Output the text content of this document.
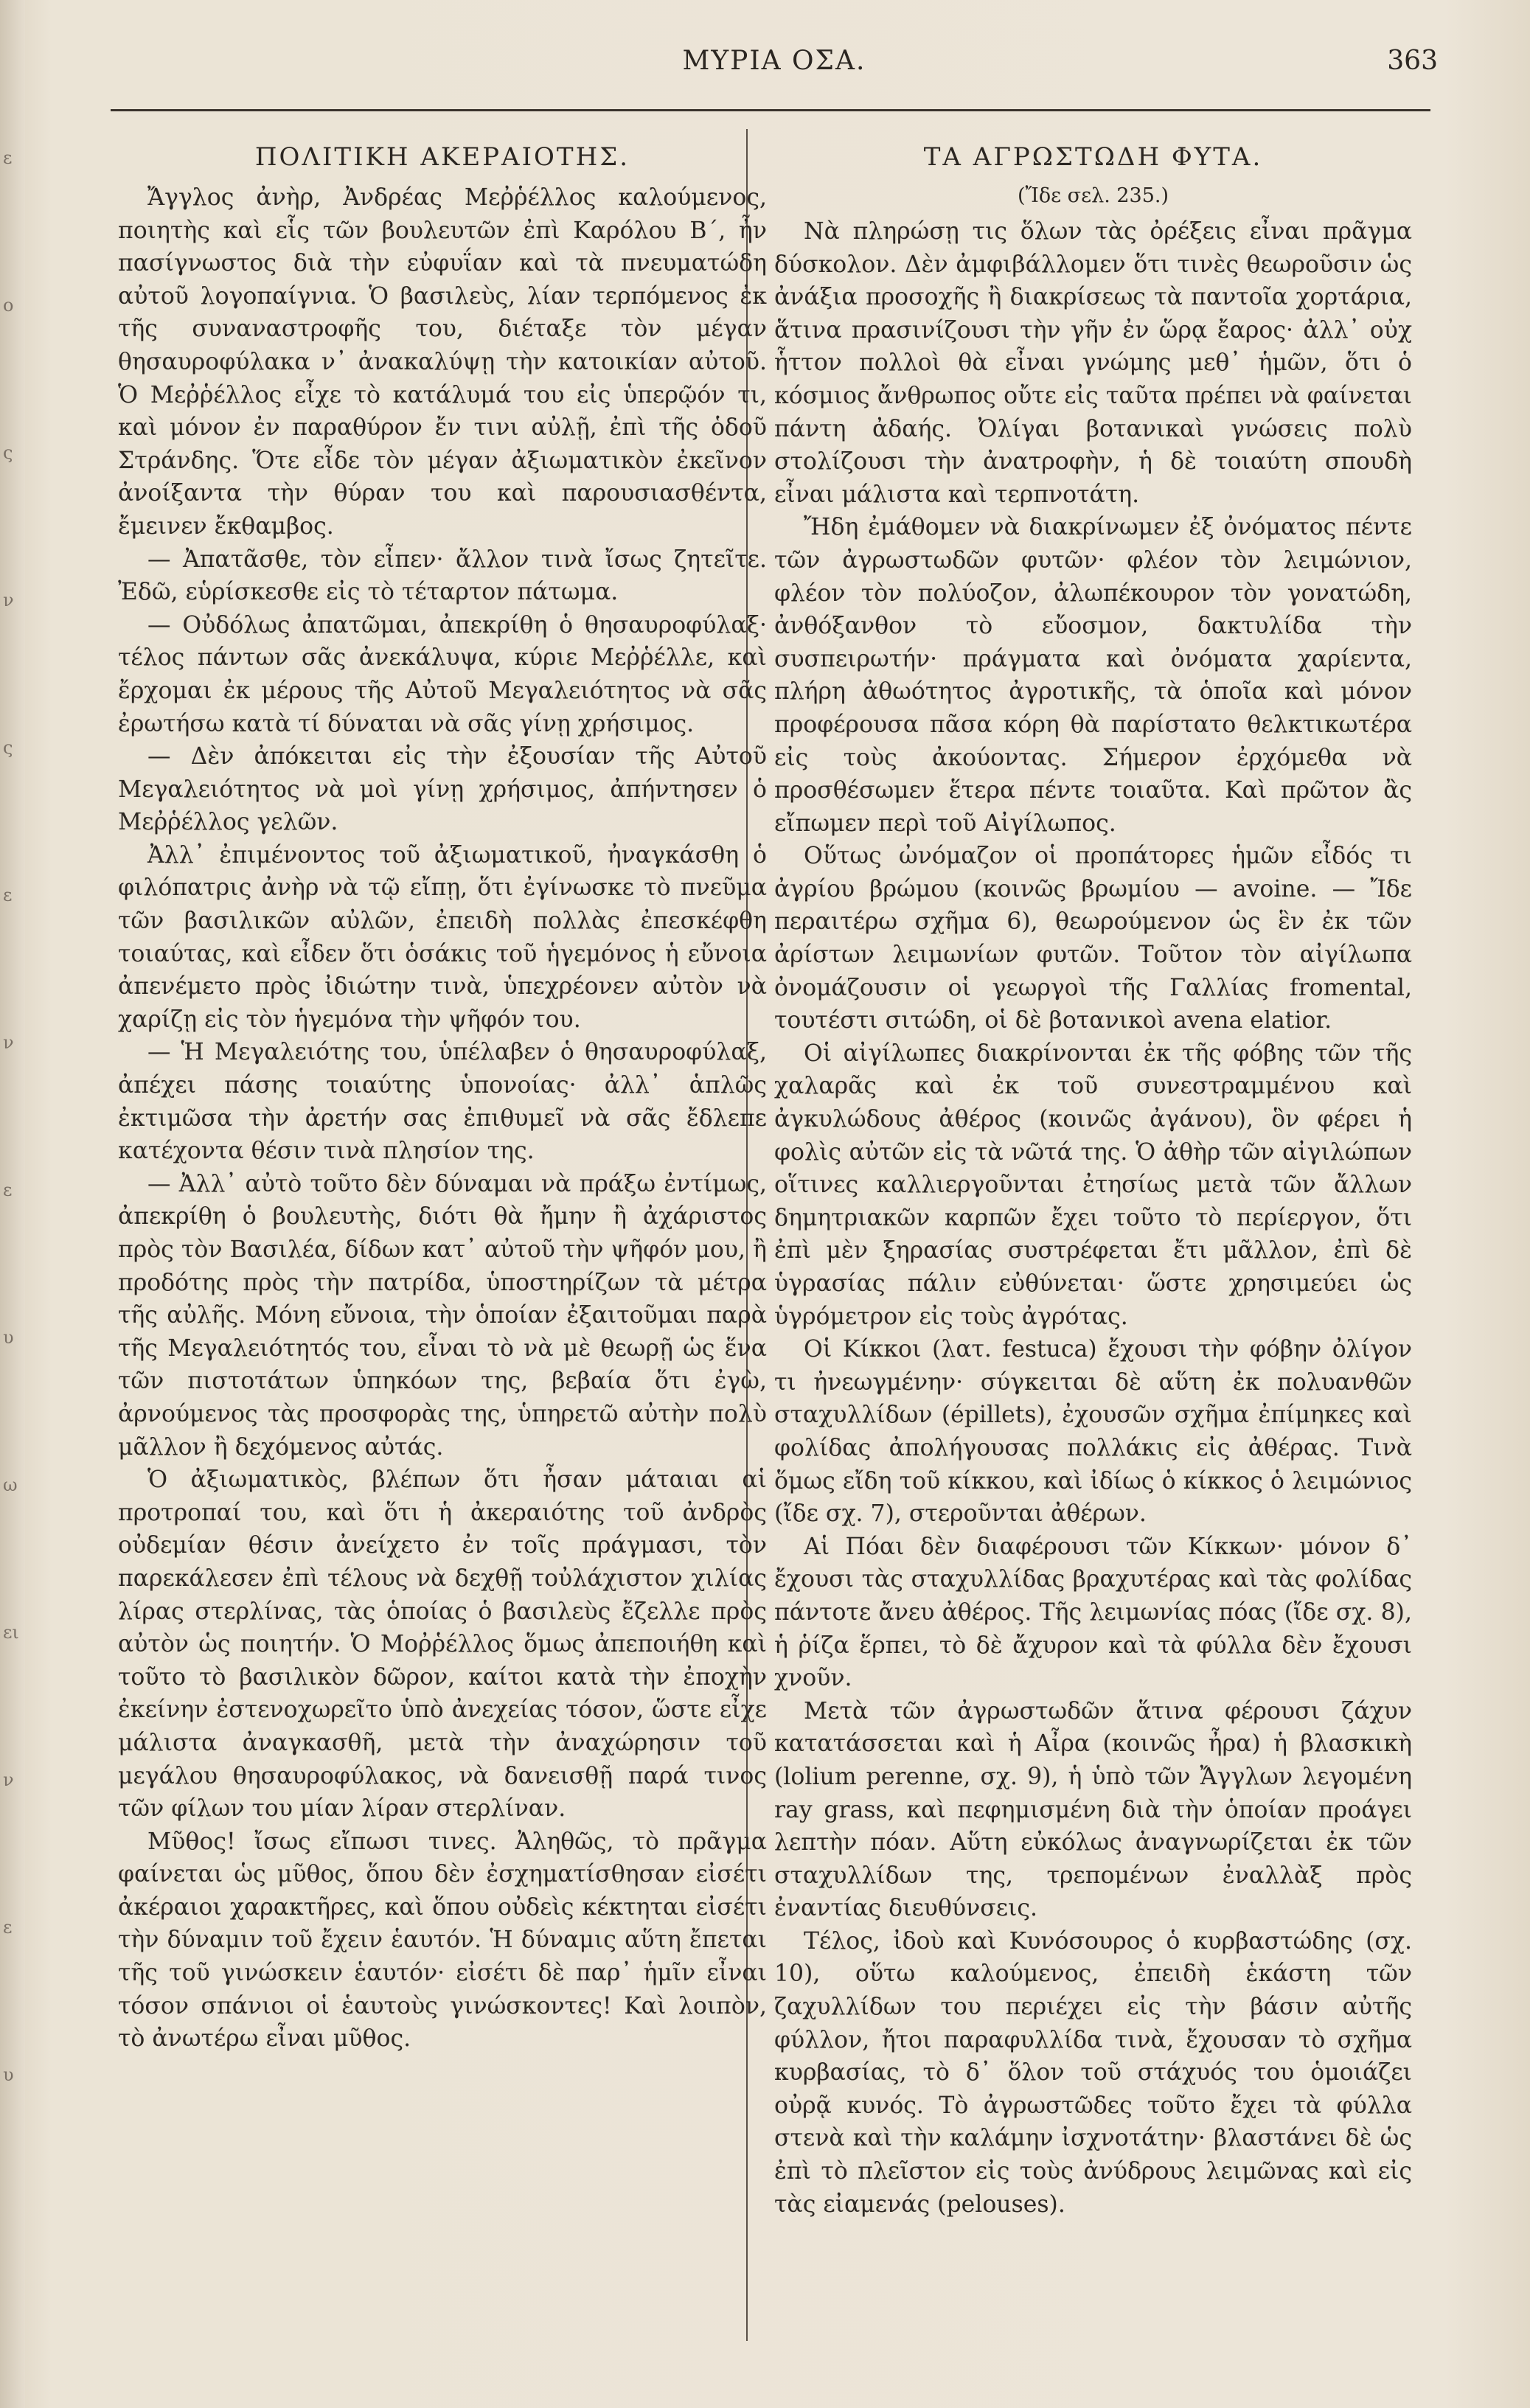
ε
ο
ς
ν
ς
ε
ν
ε
υ
ω
ει
ν
ε
υ
ΜΥΡΙΑ ΟΣΑ.	363
ΠΟΛΙΤΙΚΗ ΑΚΕΡΑΙΟΤΗΣ.

Ἄγγλος ἀνὴρ, Ἀνδρέας Μεῤῥέλλος καλούμενος, ποιητὴς καὶ εἷς τῶν βουλευτῶν ἐπὶ Καρόλου Β΄, ἦν πασίγνωστος διὰ τὴν εὐφυΐαν καὶ τὰ πνευματώδη αὐτοῦ λογοπαίγνια. Ὁ βασιλεὺς, λίαν τερπόμενος ἐκ τῆς συναναστροφῆς του, διέταξε τὸν μέγαν θησαυροφύλακα ν᾿ ἀνακαλύψῃ τὴν κατοικίαν αὐτοῦ. Ὁ Μεῤῥέλλος εἶχε τὸ κατάλυμά του εἰς ὑπερῷόν τι, καὶ μόνον ἐν παραθύρον ἔν τινι αὐλῇ, ἐπὶ τῆς ὁδοῦ Στράνδης. Ὅτε εἶδε τὸν μέγαν ἀξιωματικὸν ἐκεῖνον ἀνοίξαντα τὴν θύραν του καὶ παρουσιασθέντα, ἔμεινεν ἔκθαμβος.

— Ἀπατᾶσθε, τὸν εἶπεν· ἄλλον τινὰ ἴσως ζητεῖτε. Ἐδῶ, εὑρίσκεσθε εἰς τὸ τέταρτον πάτωμα.

— Οὐδόλως ἀπατῶμαι, ἀπεκρίθη ὁ θησαυροφύλαξ· τέλος πάντων σᾶς ἀνεκάλυψα, κύριε Μεῤῥέλλε, καὶ ἔρχομαι ἐκ μέρους τῆς Αὐτοῦ Μεγαλειότητος νὰ σᾶς ἐρωτήσω κατὰ τί δύναται νὰ σᾶς γίνῃ χρήσιμος.

— Δὲν ἀπόκειται εἰς τὴν ἐξουσίαν τῆς Αὐτοῦ Μεγαλειότητος νὰ μοὶ γίνῃ χρήσιμος, ἀπήντησεν ὁ Μεῤῥέλλος γελῶν.

Ἀλλ᾿ ἐπιμένοντος τοῦ ἀξιωματικοῦ, ἠναγκάσθη ὁ φιλόπατρις ἀνὴρ νὰ τῷ εἴπῃ, ὅτι ἐγίνωσκε τὸ πνεῦμα τῶν βασιλικῶν αὐλῶν, ἐπειδὴ πολλὰς ἐπεσκέφθη τοιαύτας, καὶ εἶδεν ὅτι ὁσάκις τοῦ ἡγεμόνος ἡ εὔνοια ἀπενέμετο πρὸς ἰδιώτην τινὰ, ὑπεχρέονεν αὐτὸν νὰ χαρίζῃ εἰς τὸν ἡγεμόνα τὴν ψῆφόν του.

— Ἡ Μεγαλειότης του, ὑπέλαβεν ὁ θησαυροφύλαξ, ἀπέχει πάσης τοιαύτης ὑπονοίας· ἀλλ᾿ ἁπλῶς ἐκτιμῶσα τὴν ἀρετήν σας ἐπιθυμεῖ νὰ σᾶς ἔδλεπε κατέχοντα θέσιν τινὰ πλησίον της.

— Ἀλλ᾿ αὐτὸ τοῦτο δὲν δύναμαι νὰ πράξω ἐντίμως, ἀπεκρίθη ὁ βουλευτὴς, διότι θὰ ἤμην ἢ ἀχάριστος πρὸς τὸν Βασιλέα, δίδων κατ᾿ αὐτοῦ τὴν ψῆφόν μου, ἢ προδότης πρὸς τὴν πατρίδα, ὑποστηρίζων τὰ μέτρα τῆς αὐλῆς. Μόνη εὔνοια, τὴν ὁποίαν ἐξαιτοῦμαι παρὰ τῆς Μεγαλειότητός του, εἶναι τὸ νὰ μὲ θεωρῇ ὡς ἕνα τῶν πιστοτάτων ὑπηκόων της, βεβαία ὅτι ἐγὼ, ἀρνούμενος τὰς προσφορὰς της, ὑπηρετῶ αὐτὴν πολὺ μᾶλλον ἢ δεχόμενος αὐτάς.

Ὁ ἀξιωματικὸς, βλέπων ὅτι ἦσαν μάταιαι αἱ προτροπαί του, καὶ ὅτι ἡ ἀκεραιότης τοῦ ἀνδρὸς οὐδεμίαν θέσιν ἀνείχετο ἐν τοῖς πράγμασι, τὸν παρεκάλεσεν ἐπὶ τέλους νὰ δεχθῇ τοὐλάχιστον χιλίας λίρας στερλίνας, τὰς ὁποίας ὁ βασιλεὺς ἔζελλε πρὸς αὐτὸν ὡς ποιητήν. Ὁ Μοῤῥέλλος ὅμως ἀπεποιήθη καὶ τοῦτο τὸ βασιλικὸν δῶρον, καίτοι κατὰ τὴν ἐποχὴν ἐκείνην ἐστενοχωρεῖτο ὑπὸ ἀνεχείας τόσον, ὥστε εἶχε μάλιστα ἀναγκασθῆ, μετὰ τὴν ἀναχώρησιν τοῦ μεγάλου θησαυροφύλακος, νὰ δανεισθῇ παρά τινος τῶν φίλων του μίαν λίραν στερλίναν.

Μῦθος! ἴσως εἴπωσι τινες. Ἀληθῶς, τὸ πρᾶγμα φαίνεται ὡς μῦθος, ὅπου δὲν ἐσχηματίσθησαν εἰσέτι ἀκέραιοι χαρακτῆρες, καὶ ὅπου οὐδεὶς κέκτηται εἰσέτι τὴν δύναμιν τοῦ ἔχειν ἑαυτόν. Ἡ δύναμις αὕτη ἔπεται τῆς τοῦ γινώσκειν ἑαυτόν· εἰσέτι δὲ παρ᾿ ἡμῖν εἶναι τόσον σπάνιοι οἱ ἑαυτοὺς γινώσκοντες! Καὶ λοιπὸν, τὸ ἀνωτέρω εἶναι μῦθος.

ΤΑ ΑΓΡΩΣΤΩΔΗ ΦΥΤΑ.
(Ἴδε σελ. 235.)

Νὰ πληρώσῃ τις ὅλων τὰς ὀρέξεις εἶναι πρᾶγμα δύσκολον. Δὲν ἀμφιβάλλομεν ὅτι τινὲς θεωροῦσιν ὡς ἀνάξια προσοχῆς ἢ διακρίσεως τὰ παντοῖα χορτάρια, ἅτινα πρασινίζουσι τὴν γῆν ἐν ὥρᾳ ἔαρος· ἀλλ᾿ οὐχ ἧττον πολλοὶ θὰ εἶναι γνώμης μεθ᾿ ἡμῶν, ὅτι ὁ κόσμιος ἄνθρωπος οὔτε εἰς ταῦτα πρέπει νὰ φαίνεται πάντη ἀδαής. Ὀλίγαι βοτανικαὶ γνώσεις πολὺ στολίζουσι τὴν ἀνατροφὴν, ἡ δὲ τοιαύτη σπουδὴ εἶναι μάλιστα καὶ τερπνοτάτη.

Ἤδη ἐμάθομεν νὰ διακρίνωμεν ἐξ ὀνόματος πέντε τῶν ἀγρωστωδῶν φυτῶν· φλέον τὸν λειμώνιον, φλέον τὸν πολύοζον, ἀλωπέκουρον τὸν γονατώδη, ἀνθόξανθον τὸ εὔοσμον, δακτυλίδα τὴν συσπειρωτήν· πράγματα καὶ ὀνόματα χαρίεντα, πλήρη ἀθωότητος ἀγροτικῆς, τὰ ὁποῖα καὶ μόνον προφέρουσα πᾶσα κόρη θὰ παρίστατο θελκτικωτέρα εἰς τοὺς ἀκούοντας. Σήμερον ἐρχόμεθα νὰ προσθέσωμεν ἕτερα πέντε τοιαῦτα. Καὶ πρῶτον ἂς εἴπωμεν περὶ τοῦ Αἰγίλωπος.

Οὕτως ὠνόμαζον οἱ προπάτορες ἡμῶν εἶδός τι ἀγρίου βρώμου (κοινῶς βρωμίου — avoine. — Ἴδε περαιτέρω σχῆμα 6), θεωρούμενον ὡς ἓν ἐκ τῶν ἀρίστων λειμωνίων φυτῶν. Τοῦτον τὸν αἰγίλωπα ὀνομάζουσιν οἱ γεωργοὶ τῆς Γαλλίας fromental, τουτέστι σιτώδη, οἱ δὲ βοτανικοὶ avena elatior.

Οἱ αἰγίλωπες διακρίνονται ἐκ τῆς φόβης τῶν τῆς χαλαρᾶς καὶ ἐκ τοῦ συνεστραμμένου καὶ ἀγκυλώδους ἀθέρος (κοινῶς ἀγάνου), ὃν φέρει ἡ φολὶς αὐτῶν εἰς τὰ νῶτά της. Ὁ ἀθὴρ τῶν αἰγιλώπων οἵτινες καλλιεργοῦνται ἐτησίως μετὰ τῶν ἄλλων δημητριακῶν καρπῶν ἔχει τοῦτο τὸ περίεργον, ὅτι ἐπὶ μὲν ξηρασίας συστρέφεται ἔτι μᾶλλον, ἐπὶ δὲ ὑγρασίας πάλιν εὐθύνεται· ὥστε χρησιμεύει ὡς ὑγρόμετρον εἰς τοὺς ἀγρότας.

Οἱ Κίκκοι (λατ. festuca) ἔχουσι τὴν φόβην ὀλίγον τι ἠνεωγμένην· σύγκειται δὲ αὕτη ἐκ πολυανθῶν σταχυλλίδων (épillets), ἐχουσῶν σχῆμα ἐπίμηκες καὶ φολίδας ἀπολήγουσας πολλάκις εἰς ἀθέρας. Τινὰ ὅμως εἴδη τοῦ κίκκου, καὶ ἰδίως ὁ κίκκος ὁ λειμώνιος (ἴδε σχ. 7), στεροῦνται ἀθέρων.

Αἱ Πόαι δὲν διαφέρουσι τῶν Κίκκων· μόνον δ᾿ ἔχουσι τὰς σταχυλλίδας βραχυτέρας καὶ τὰς φολίδας πάντοτε ἄνευ ἀθέρος. Τῆς λειμωνίας πόας (ἴδε σχ. 8), ἡ ῥίζα ἕρπει, τὸ δὲ ἄχυρον καὶ τὰ φύλλα δὲν ἔχουσι χνοῦν.

Μετὰ τῶν ἀγρωστωδῶν ἅτινα φέρουσι ζάχυν κατατάσσεται καὶ ἡ Αἶρα (κοινῶς ἦρα) ἡ βλασκικὴ (lolium perenne, σχ. 9), ἡ ὑπὸ τῶν Ἄγγλων λεγομένη ray grass, καὶ πεφημισμένη διὰ τὴν ὁποίαν προάγει λεπτὴν πόαν. Αὕτη εὐκόλως ἀναγνωρίζεται ἐκ τῶν σταχυλλίδων της, τρεπομένων ἐναλλὰξ πρὸς ἐναντίας διευθύνσεις.

Τέλος, ἰδοὺ καὶ Κυνόσουρος ὁ κυρβαστώδης (σχ. 10), οὕτω καλούμενος, ἐπειδὴ ἑκάστη τῶν ζαχυλλίδων του περιέχει εἰς τὴν βάσιν αὐτῆς φύλλον, ἤτοι παραφυλλίδα τινὰ, ἔχουσαν τὸ σχῆμα κυρβασίας, τὸ δ᾿ ὅλον τοῦ στάχυός του ὁμοιάζει οὐρᾷ κυνός. Τὸ ἀγρωστῶδες τοῦτο ἔχει τὰ φύλλα στενὰ καὶ τὴν καλάμην ἰσχνοτάτην· βλαστάνει δὲ ὡς ἐπὶ τὸ πλεῖστον εἰς τοὺς ἀνύδρους λειμῶνας καὶ εἰς τὰς εἰαμενάς (pelouses).
